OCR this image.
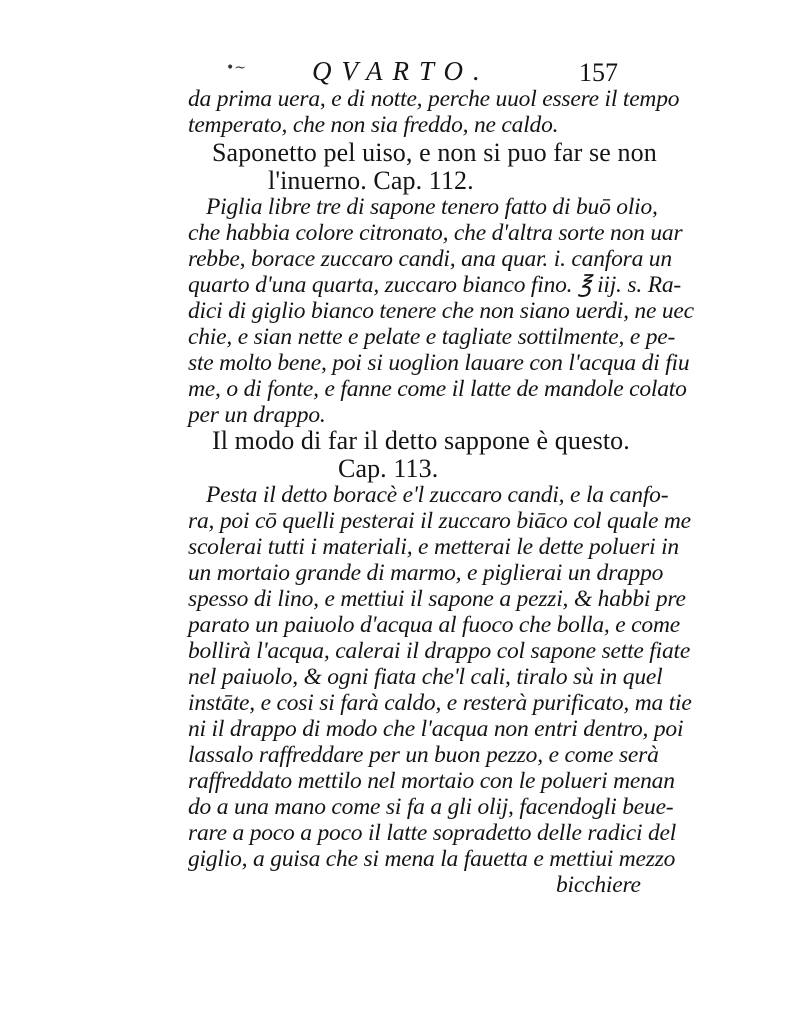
•~ QVARTO.	157
da prima uera, e di notte, perche uuol essere il tempo
temperato, che non sia freddo, ne caldo.
Saponetto pel uiso, e non si puo far se non
l'inuerno. Cap. 112.
Piglia libre tre di sapone tenero fatto di buō olio,
che habbia colore citronato, che d'altra sorte non uar
rebbe, borace zuccaro candi, ana quar. i. canfora un
quarto d'una quarta, zuccaro bianco fino. ℥ iij. s. Ra-
dici di giglio bianco tenere che non siano uerdi, ne uec
chie, e sian nette e pelate e tagliate sottilmente, e pe-
ste molto bene, poi si uoglion lauare con l'acqua di fiu
me, o di fonte, e fanne come il latte de mandole colato
per un drappo.
Il modo di far il detto sappone è questo.
Cap. 113.
Pesta il detto boracè e'l zuccaro candi, e la canfo-
ra, poi cō quelli pesterai il zuccaro biāco col quale me
scolerai tutti i materiali, e metterai le dette polueri in
un mortaio grande di marmo, e piglierai un drappo
spesso di lino, e mettiui il sapone a pezzi, & habbi pre
parato un paiuolo d'acqua al fuoco che bolla, e come
bollirà l'acqua, calerai il drappo col sapone sette fiate
nel paiuolo, & ogni fiata che'l cali, tiralo sù in quel
instāte, e cosi si farà caldo, e resterà purificato, ma tie
ni il drappo di modo che l'acqua non entri dentro, poi
lassalo raffreddare per un buon pezzo, e come serà
raffreddato mettilo nel mortaio con le polueri menan
do a una mano come si fa a gli olij, facendogli beue-
rare a poco a poco il latte sopradetto delle radici del
giglio, a guisa che si mena la fauetta e mettiui mezzo
bicchiere
